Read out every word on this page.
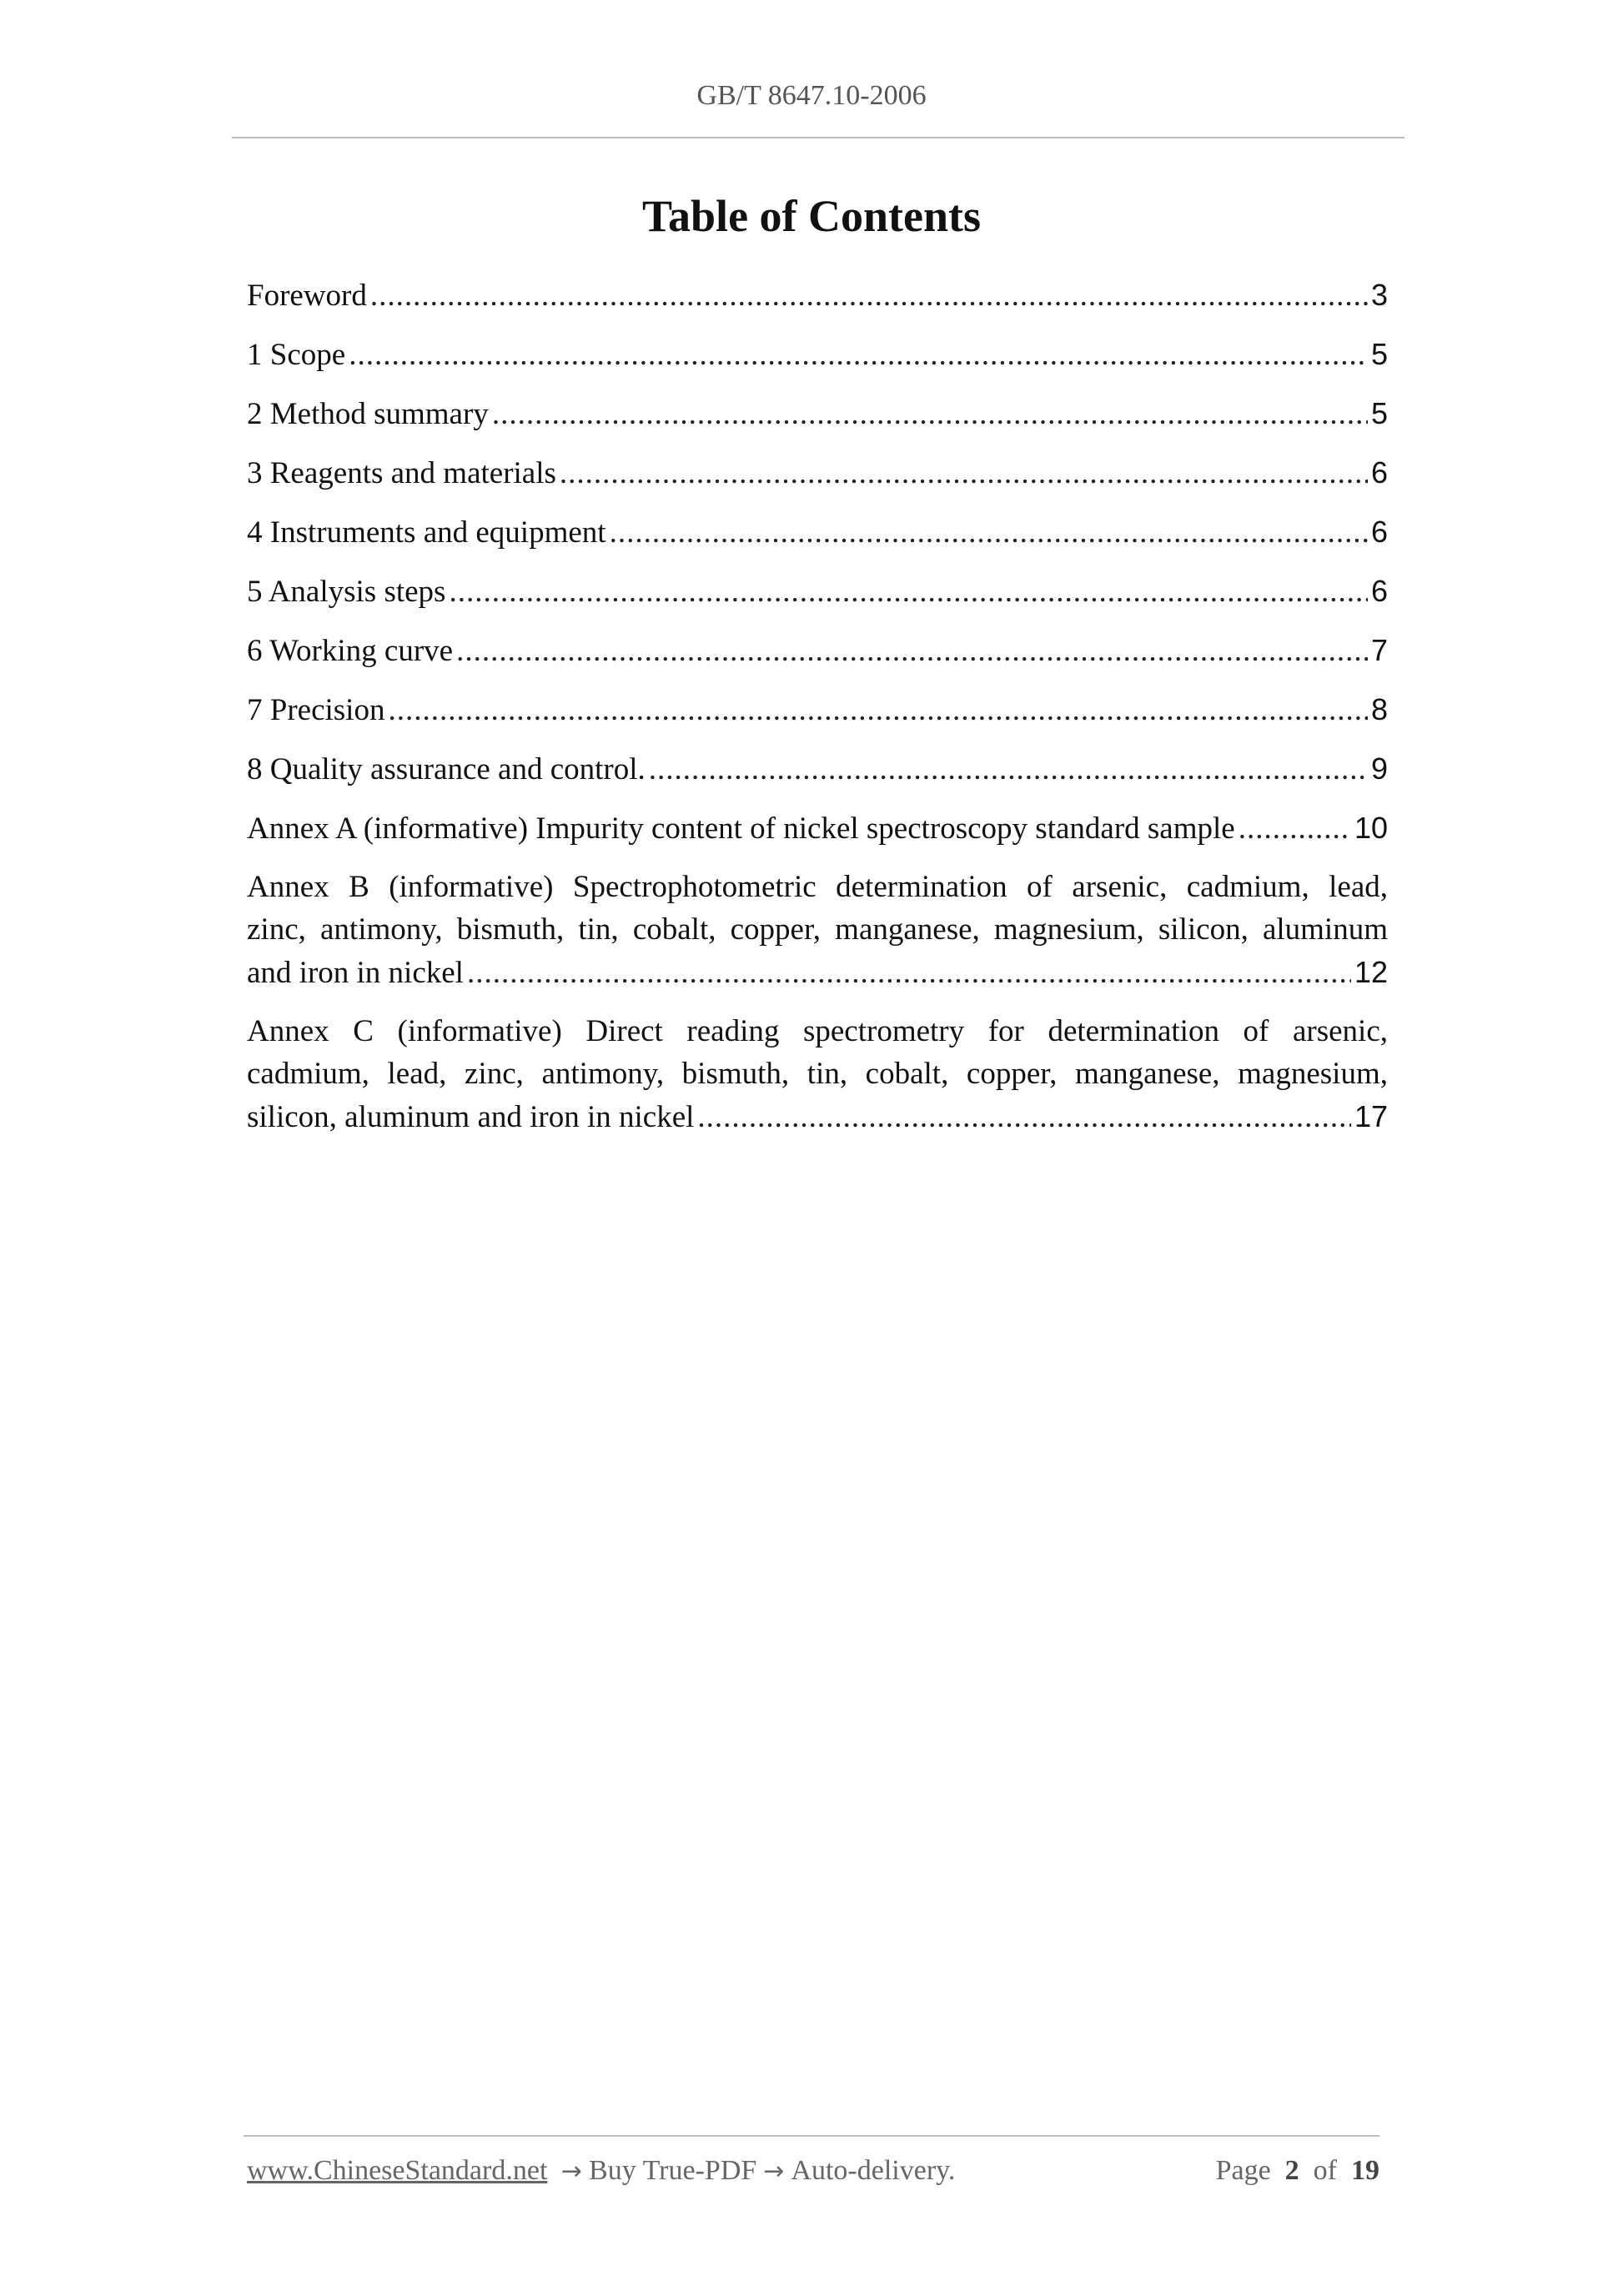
GB/T 8647.10-2006
Table of Contents
Foreword .....	3
1 Scope .....	5
2 Method summary .....	5
3 Reagents and materials .....	6
4 Instruments and equipment .....	6
5 Analysis steps .....	6
6 Working curve .....	7
7 Precision .....	8
8 Quality assurance and control. .....	9
Annex A (informative) Impurity content of nickel spectroscopy standard sample .....	10
Annex B (informative) Spectrophotometric determination of arsenic, cadmium, lead,
zinc, antimony, bismuth, tin, cobalt, copper, manganese, magnesium, silicon, aluminum
and iron in nickel .....	12
Annex C (informative) Direct reading spectrometry for determination of arsenic,
cadmium, lead, zinc, antimony, bismuth, tin, cobalt, copper, manganese, magnesium,
silicon, aluminum and iron in nickel .....	17
www.ChineseStandard.net → Buy True-PDF → Auto-delivery.	Page 2 of 19
